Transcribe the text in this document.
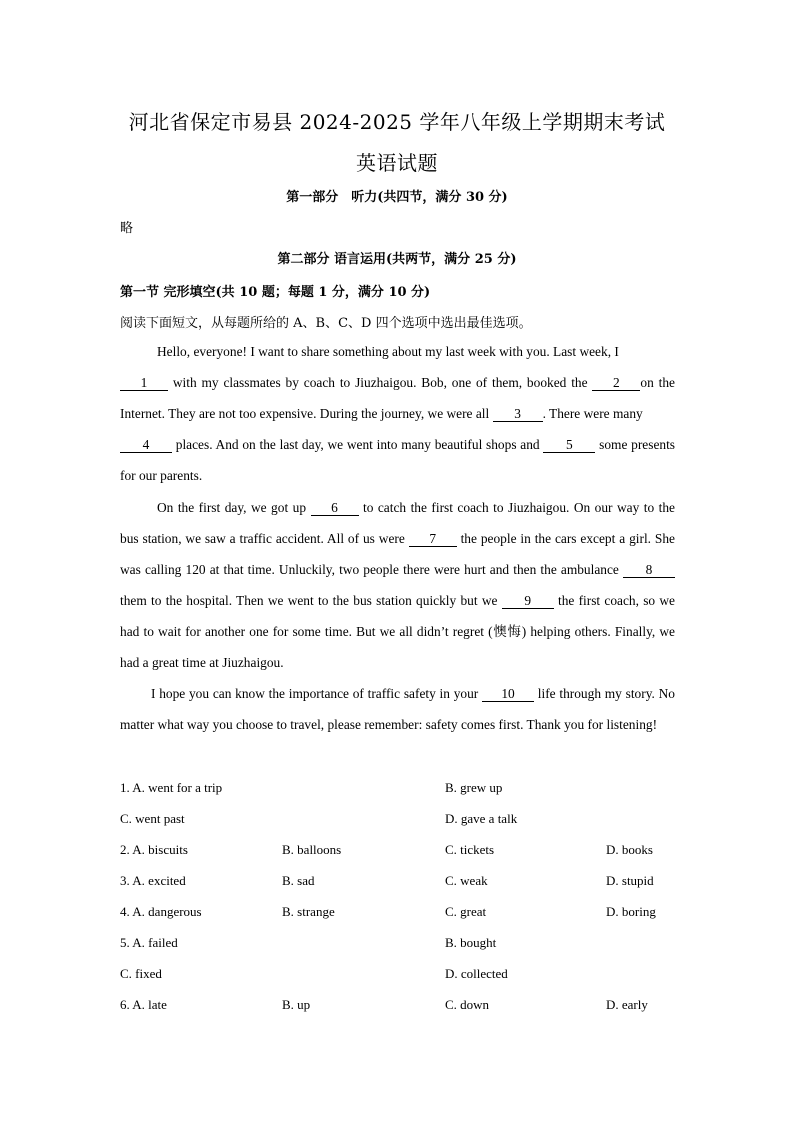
河北省保定市易县 2024-2025 学年八年级上学期期末考试
英语试题
第一部分　听力(共四节，满分 30 分)
略
第二部分 语言运用(共两节，满分 25 分)
第一节 完形填空(共 10 题；每题 1 分，满分 10 分)
阅读下面短文，从每题所给的 A、B、C、D 四个选项中选出最佳选项。
Hello, everyone! I want to share something about my last week with you. Last week, I
1 with my classmates by coach to Jiuzhaigou. Bob, one of them, booked the 2 on the Internet. They are not too expensive. During the journey, we were all 3 . There were many
4 places. And on the last day, we went into many beautiful shops and 5 some presents for our parents.
On the first day, we got up 6 to catch the first coach to Jiuzhaigou. On our way to the bus station, we saw a traffic accident. All of us were 7 the people in the cars except a girl. She was calling 120 at that time. Unluckily, two people there were hurt and then the ambulance 8 them to the hospital. Then we went to the bus station quickly but we 9 the first coach, so we had to wait for another one for some time. But we all didn’t regret (懊悔) helping others. Finally, we had a great time at Jiuzhaigou.
I hope you can know the importance of traffic safety in your 10 life through my story. No matter what way you choose to travel, please remember: safety comes first. Thank you for listening!
1. A. went for a trip	B. grew up
C. went past	D. gave a talk
2. A. biscuits	B. balloons	C. tickets	D. books
3. A. excited	B. sad	C. weak	D. stupid
4. A. dangerous	B. strange	C. great	D. boring
5. A. failed	B. bought
C. fixed	D. collected
6. A. late	B. up	C. down	D. early
